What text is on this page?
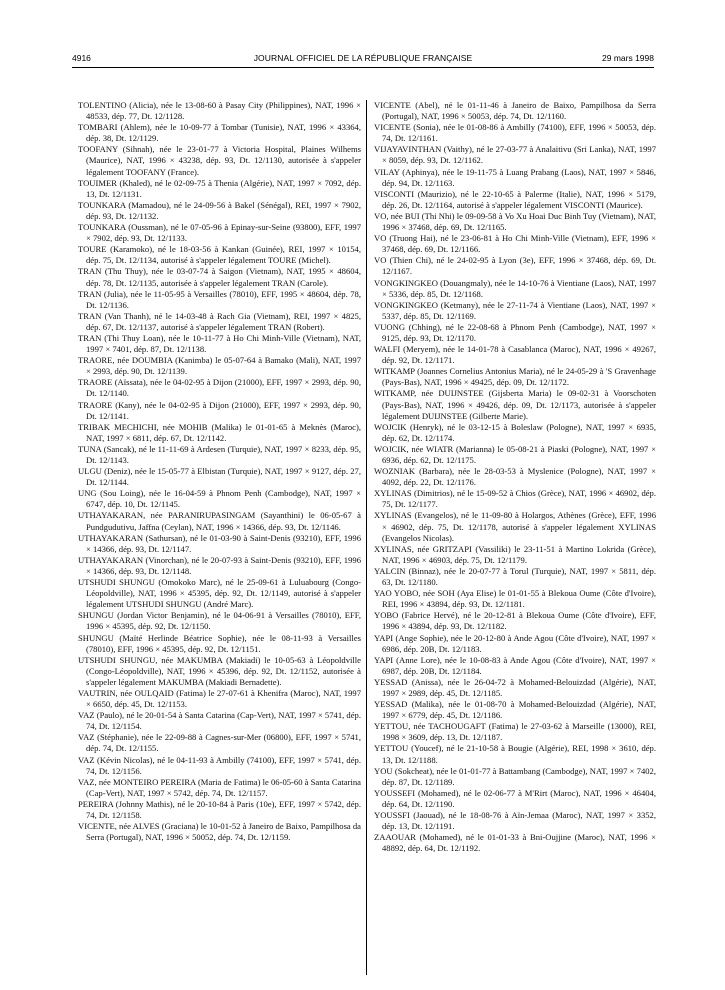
4916	JOURNAL OFFICIEL DE LA RÉPUBLIQUE FRANÇAISE	29 mars 1998

TOLENTINO (Alicia), née le 13-08-60 à Pasay City (Philippines), NAT, 1996 × 48533, dép. 77, Dt. 12/1128.

TOMBARI (Ahlem), née le 10-09-77 à Tombar (Tunisie), NAT, 1996 × 43364, dép. 38, Dt. 12/1129.

TOOFANY (Sihnah), née le 23-01-77 à Victoria Hospital, Plaines Wilhems (Maurice), NAT, 1996 × 43238, dép. 93, Dt. 12/1130, autorisée à s'appeler légalement TOOFANY (France).

TOUIMER (Khaled), né le 02-09-75 à Thenia (Algérie), NAT, 1997 × 7092, dép. 13, Dt. 12/1131.

TOUNKARA (Mamadou), né le 24-09-56 à Bakel (Sénégal), REI, 1997 × 7902, dép. 93, Dt. 12/1132.

TOUNKARA (Oussman), né le 07-05-96 à Epinay-sur-Seine (93800), EFF, 1997 × 7902, dép. 93, Dt. 12/1133.

TOURE (Karamoko), né le 18-03-56 à Kankan (Guinée), REI, 1997 × 10154, dép. 75, Dt. 12/1134, autorisé à s'appeler légalement TOURE (Michel).

TRAN (Thu Thuy), née le 03-07-74 à Saigon (Vietnam), NAT, 1995 × 48604, dép. 78, Dt. 12/1135, autorisée à s'appeler légalement TRAN (Carole).

TRAN (Julia), née le 11-05-95 à Versailles (78010), EFF, 1995 × 48604, dép. 78, Dt. 12/1136.

TRAN (Van Thanh), né le 14-03-48 à Rach Gia (Vietnam), REI, 1997 × 4825, dép. 67, Dt. 12/1137, autorisé à s'appeler légalement TRAN (Robert).

TRAN (Thi Thuy Loan), née le 10-11-77 à Ho Chi Minh-Ville (Vietnam), NAT, 1997 × 7401, dép. 87, Dt. 12/1138.

TRAORE, née DOUMBIA (Kanimba) le 05-07-64 à Bamako (Mali), NAT, 1997 × 2993, dép. 90, Dt. 12/1139.

TRAORE (Aïssata), née le 04-02-95 à Dijon (21000), EFF, 1997 × 2993, dép. 90, Dt. 12/1140.

TRAORE (Kany), née le 04-02-95 à Dijon (21000), EFF, 1997 × 2993, dép. 90, Dt. 12/1141.

TRIBAK MECHICHI, née MOHIB (Malika) le 01-01-65 à Meknès (Maroc), NAT, 1997 × 6811, dép. 67, Dt. 12/1142.

TUNA (Sancak), né le 11-11-69 à Ardesen (Turquie), NAT, 1997 × 8233, dép. 95, Dt. 12/1143.

ULGU (Deniz), née le 15-05-77 à Elbistan (Turquie), NAT, 1997 × 9127, dép. 27, Dt. 12/1144.

UNG (Sou Loing), née le 16-04-59 à Phnom Penh (Cambodge), NAT, 1997 × 6747, dép. 10, Dt. 12/1145.

UTHAYAKARAN, née PARANIRUPASINGAM (Sayanthini) le 06-05-67 à Pundgudutivu, Jaffna (Ceylan), NAT, 1996 × 14366, dép. 93, Dt. 12/1146.

UTHAYAKARAN (Sathursan), né le 01-03-90 à Saint-Denis (93210), EFF, 1996 × 14366, dép. 93, Dt. 12/1147.

UTHAYAKARAN (Vinorchan), né le 20-07-93 à Saint-Denis (93210), EFF, 1996 × 14366, dép. 93, Dt. 12/1148.

UTSHUDI SHUNGU (Omokoko Marc), né le 25-09-61 à Luluabourg (Congo-Léopoldville), NAT, 1996 × 45395, dép. 92, Dt. 12/1149, autorisé à s'appeler légalement UTSHUDI SHUNGU (André Marc).

SHUNGU (Jordan Victor Benjamin), né le 04-06-91 à Versailles (78010), EFF, 1996 × 45395, dép. 92, Dt. 12/1150.

SHUNGU (Maïté Herlinde Béatrice Sophie), née le 08-11-93 à Versailles (78010), EFF, 1996 × 45395, dép. 92, Dt. 12/1151.

UTSHUDI SHUNGU, née MAKUMBA (Makiadi) le 10-05-63 à Léopoldville (Congo-Léopoldville), NAT, 1996 × 45396, dép. 92, Dt. 12/1152, autorisée à s'appeler légalement MAKUMBA (Makiadi Bernadette).

VAUTRIN, née OULQAID (Fatima) le 27-07-61 à Khenifra (Maroc), NAT, 1997 × 6650, dép. 45, Dt. 12/1153.

VAZ (Paulo), né le 20-01-54 à Santa Catarina (Cap-Vert), NAT, 1997 × 5741, dép. 74, Dt. 12/1154.

VAZ (Stéphanie), née le 22-09-88 à Cagnes-sur-Mer (06800), EFF, 1997 × 5741, dép. 74, Dt. 12/1155.

VAZ (Kévin Nicolas), né le 04-11-93 à Ambilly (74100), EFF, 1997 × 5741, dép. 74, Dt. 12/1156.

VAZ, née MONTEIRO PEREIRA (Maria de Fatima) le 06-05-60 à Santa Catarina (Cap-Vert), NAT, 1997 × 5742, dép. 74, Dt. 12/1157.

PEREIRA (Johnny Mathis), né le 20-10-84 à Paris (10e), EFF, 1997 × 5742, dép. 74, Dt. 12/1158.

VICENTE, née ALVES (Graciana) le 10-01-52 à Janeiro de Baixo, Pampilhosa da Serra (Portugal), NAT, 1996 × 50052, dép. 74, Dt. 12/1159.

VICENTE (Abel), né le 01-11-46 à Janeiro de Baixo, Pampilhosa da Serra (Portugal), NAT, 1996 × 50053, dép. 74, Dt. 12/1160.

VICENTE (Sonia), née le 01-08-86 à Ambilly (74100), EFF, 1996 × 50053, dép. 74, Dt. 12/1161.

VIJAYAVINTHAN (Vaithy), né le 27-03-77 à Analaitivu (Sri Lanka), NAT, 1997 × 8059, dép. 93, Dt. 12/1162.

VILAY (Aphinya), née le 19-11-75 à Luang Prabang (Laos), NAT, 1997 × 5846, dép. 94, Dt. 12/1163.

VISCONTI (Maurizio), né le 22-10-65 à Palerme (Italie), NAT, 1996 × 5179, dép. 26, Dt. 12/1164, autorisé à s'appeler légalement VISCONTI (Maurice).

VO, née BUI (Thi Nhi) le 09-09-58 à Vo Xu Hoai Duc Binh Tuy (Vietnam), NAT, 1996 × 37468, dép. 69, Dt. 12/1165.

VO (Truong Hai), né le 23-06-81 à Ho Chi Minh-Ville (Vietnam), EFF, 1996 × 37468, dép. 69, Dt. 12/1166.

VO (Thien Chi), né le 24-02-95 à Lyon (3e), EFF, 1996 × 37468, dép. 69, Dt. 12/1167.

VONGKINGKEO (Douangmaly), née le 14-10-76 à Vientiane (Laos), NAT, 1997 × 5336, dép. 85, Dt. 12/1168.

VONGKINGKEO (Ketmany), née le 27-11-74 à Vientiane (Laos), NAT, 1997 × 5337, dép. 85, Dt. 12/1169.

VUONG (Chhing), né le 22-08-68 à Phnom Penh (Cambodge), NAT, 1997 × 9125, dép. 93, Dt. 12/1170.

WALFI (Meryem), née le 14-01-78 à Casablanca (Maroc), NAT, 1996 × 49267, dép. 92, Dt. 12/1171.

WITKAMP (Joannes Cornelius Antonius Maria), né le 24-05-29 à 'S Gravenhage (Pays-Bas), NAT, 1996 × 49425, dép. 09, Dt. 12/1172.

WITKAMP, née DUIJNSTEE (Gijsberta Maria) le 09-02-31 à Voorschoten (Pays-Bas), NAT, 1996 × 49426, dép. 09, Dt. 12/1173, autorisée à s'appeler légalement DUIJNSTEE (Gilberte Marie).

WOJCIK (Henryk), né le 03-12-15 à Boleslaw (Pologne), NAT, 1997 × 6935, dép. 62, Dt. 12/1174.

WOJCIK, née WIATR (Marianna) le 05-08-21 à Piaski (Pologne), NAT, 1997 × 6936, dép. 62, Dt. 12/1175.

WOZNIAK (Barbara), née le 28-03-53 à Myslenice (Pologne), NAT, 1997 × 4092, dép. 22, Dt. 12/1176.

XYLINAS (Dimitrios), né le 15-09-52 à Chios (Grèce), NAT, 1996 × 46902, dép. 75, Dt. 12/1177.

XYLINAS (Evangelos), né le 11-09-80 à Holargos, Athènes (Grèce), EFF, 1996 × 46902, dép. 75, Dt. 12/1178, autorisé à s'appeler légalement XYLINAS (Evangelos Nicolas).

XYLINAS, née GRITZAPI (Vassiliki) le 23-11-51 à Martino Lokrida (Grèce), NAT, 1996 × 46903, dép. 75, Dt. 12/1179.

YALCIN (Binnaz), née le 20-07-77 à Torul (Turquie), NAT, 1997 × 5811, dép. 63, Dt. 12/1180.

YAO YOBO, née SOH (Aya Elise) le 01-01-55 à Blekoua Oume (Côte d'Ivoire), REI, 1996 × 43894, dép. 93, Dt. 12/1181.

YOBO (Fabrice Hervé), né le 20-12-81 à Blekoua Oume (Côte d'Ivoire), EFF, 1996 × 43894, dép. 93, Dt. 12/1182.

YAPI (Ange Sophie), née le 20-12-80 à Ande Agou (Côte d'Ivoire), NAT, 1997 × 6986, dép. 20B, Dt. 12/1183.

YAPI (Anne Lore), née le 10-08-83 à Ande Agou (Côte d'Ivoire), NAT, 1997 × 6987, dép. 20B, Dt. 12/1184.

YESSAD (Anissa), née le 26-04-72 à Mohamed-Belouizdad (Algérie), NAT, 1997 × 2989, dép. 45, Dt. 12/1185.

YESSAD (Malika), née le 01-08-70 à Mohamed-Belouizdad (Algérie), NAT, 1997 × 6779, dép. 45, Dt. 12/1186.

YETTOU, née TACHOUGAFT (Fatima) le 27-03-62 à Marseille (13000), REI, 1998 × 3609, dép. 13, Dt. 12/1187.

YETTOU (Youcef), né le 21-10-58 à Bougie (Algérie), REI, 1998 × 3610, dép. 13, Dt. 12/1188.

YOU (Sokcheat), née le 01-01-77 à Battambang (Cambodge), NAT, 1997 × 7402, dép. 87, Dt. 12/1189.

YOUSSEFI (Mohamed), né le 02-06-77 à M'Rirt (Maroc), NAT, 1996 × 46404, dép. 64, Dt. 12/1190.

YOUSSFI (Jaouad), né le 18-08-76 à Aïn-Jemaa (Maroc), NAT, 1997 × 3352, dép. 13, Dt. 12/1191.

ZAAOUAR (Mohamed), né le 01-01-33 à Bni-Oujjine (Maroc), NAT, 1996 × 48892, dép. 64, Dt. 12/1192.
